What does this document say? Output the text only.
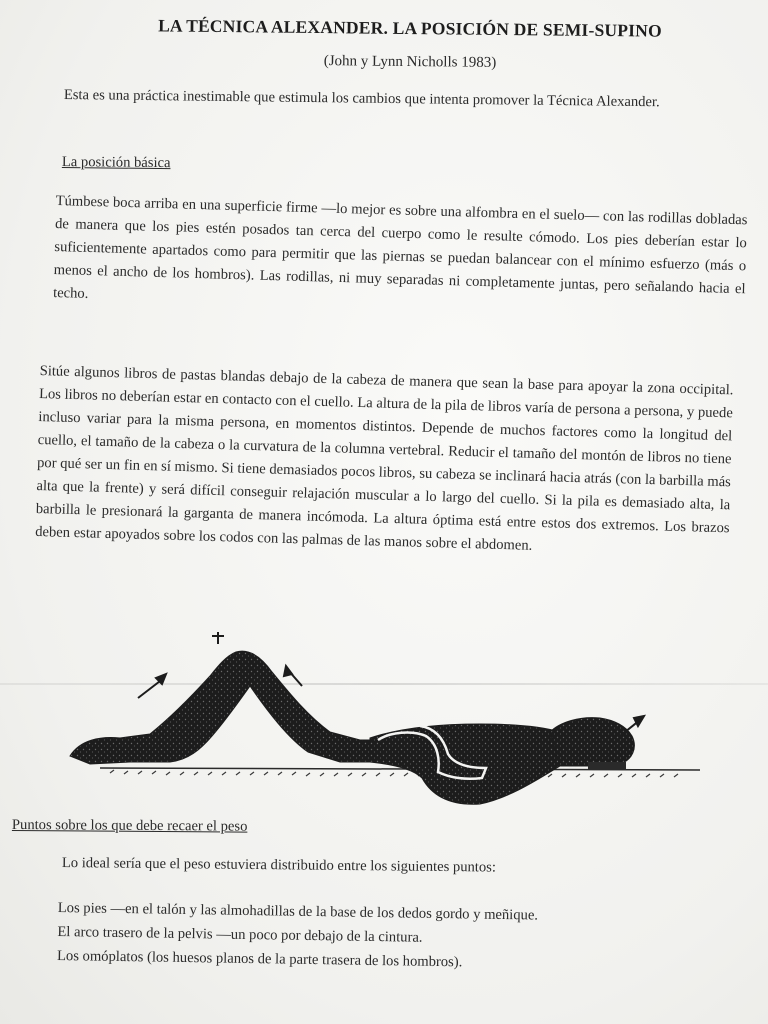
LA TÉCNICA ALEXANDER. LA POSICIÓN DE SEMI-SUPINO
(John y Lynn Nicholls 1983)
Esta es una práctica inestimable que estimula los cambios que intenta promover la Técnica Alexander.
La posición básica
Túmbese boca arriba en una superficie firme —lo mejor es sobre una alfombra en el suelo— con las rodillas dobladas de manera que los pies estén posados tan cerca del cuerpo como le resulte cómodo. Los pies deberían estar lo suficientemente apartados como para permitir que las piernas se puedan balancear con el mínimo esfuerzo (más o menos el ancho de los hombros). Las rodillas, ni muy separadas ni completamente juntas, pero señalando hacia el techo.
Sitúe algunos libros de pastas blandas debajo de la cabeza de manera que sean la base para apoyar la zona occipital. Los libros no deberían estar en contacto con el cuello. La altura de la pila de libros varía de persona a persona, y puede incluso variar para la misma persona, en momentos distintos. Depende de muchos factores como la longitud del cuello, el tamaño de la cabeza o la curvatura de la columna vertebral. Reducir el tamaño del montón de libros no tiene por qué ser un fin en sí mismo. Si tiene demasiados pocos libros, su cabeza se inclinará hacia atrás (con la barbilla más alta que la frente) y será difícil conseguir relajación muscular a lo largo del cuello. Si la pila es demasiado alta, la barbilla le presionará la garganta de manera incómoda. La altura óptima está entre estos dos extremos. Los brazos deben estar apoyados sobre los codos con las palmas de las manos sobre el abdomen.
Puntos sobre los que debe recaer el peso
Lo ideal sería que el peso estuviera distribuido entre los siguientes puntos:
Los pies —en el talón y las almohadillas de la base de los dedos gordo y meñique.
El arco trasero de la pelvis —un poco por debajo de la cintura.
Los omóplatos (los huesos planos de la parte trasera de los hombros).
